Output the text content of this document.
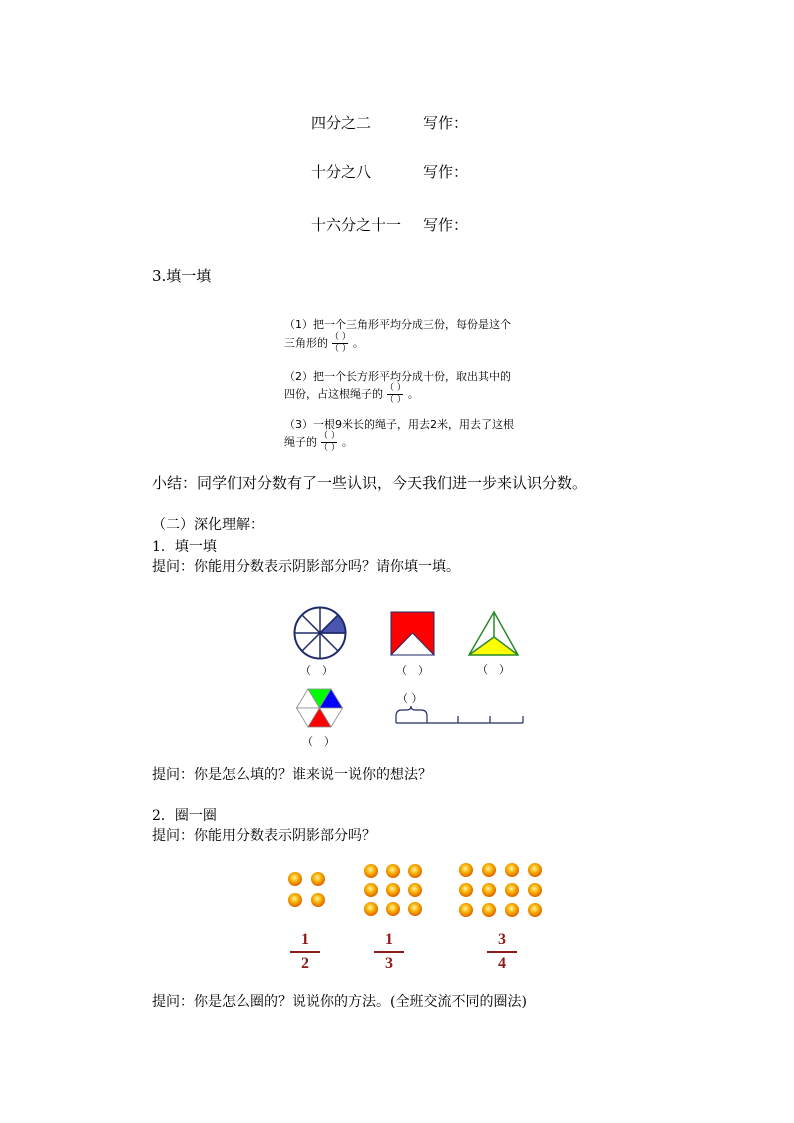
四分之二	写作：
十分之八	写作：
十六分之十一 写作：
3.填一填
（1）把一个三角形平均分成三份，每份是这个
三角形的 $\frac{( )}{( )}$ 。
（2）把一个长方形平均分成十份，取出其中的
四份，占这根绳子的 $\frac{( )}{( )}$ 。
（3）一根9米长的绳子，用去2米，用去了这根
绳子的 $\frac{( )}{( )}$ 。
小结：同学们对分数有了一些认识，今天我们进一步来认识分数。
（二）深化理解：
1．填一填
提问：你能用分数表示阴影部分吗？请你填一填。
（　）	（　）	（　）
（ ）
（　）
提问：你是怎么填的？谁来说一说你的想法？
2．圈一圈
提问：你能用分数表示阴影部分吗？
1
2
1
3
3
4
提问：你是怎么圈的？说说你的方法。(全班交流不同的圈法)
